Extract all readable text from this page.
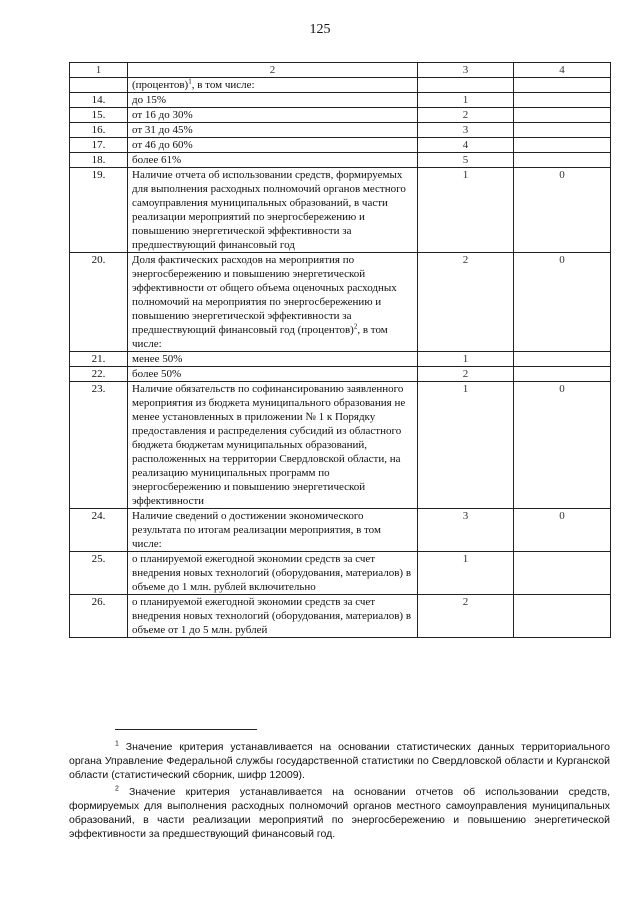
125
1	2	3	4
	(процентов)$^1$, в том числе:		
14.	до 15%	1	
15.	от 16 до 30%	2	
16.	от 31 до 45%	3	
17.	от 46 до 60%	4	
18.	более 61%	5	
19.	Наличие отчета об использовании средств, формируемых для выполнения расходных полномочий органов местного самоуправления муниципальных образований, в части реализации мероприятий по энергосбережению и повышению энергетической эффективности за предшествующий финансовый год	1	0
20.	Доля фактических расходов на мероприятия по энергосбережению и повышению энергетической эффективности от общего объема оценочных расходных полномочий на мероприятия по энергосбережению и повышению энергетической эффективности за предшествующий финансовый год (процентов)$^2$, в том числе:	2	0
21.	менее 50%	1	
22.	более 50%	2	
23.	Наличие обязательств по софинансированию заявленного мероприятия из бюджета муниципального образования не менее установленных в приложении № 1 к Порядку предоставления и распределения субсидий из областного бюджета бюджетам муниципальных образований, расположенных на территории Свердловской области, на реализацию муниципальных программ по энергосбережению и повышению энергетической эффективности	1	0
24.	Наличие сведений о достижении экономического результата по итогам реализации мероприятия, в том числе:	3	0
25.	о планируемой ежегодной экономии средств за счет внедрения новых технологий (оборудования, материалов) в объеме до 1 млн. рублей включительно	1	
26.	о планируемой ежегодной экономии средств за счет внедрения новых технологий (оборудования, материалов) в объеме от 1 до 5 млн. рублей	2	

$^1$ Значение критерия устанавливается на основании статистических данных территориального органа Управление Федеральной службы государственной статистики по Свердловской области и Курганской области (статистический сборник, шифр 12009).

$^2$ Значение критерия устанавливается на основании отчетов об использовании средств, формируемых для выполнения расходных полномочий органов местного самоуправления муниципальных образований, в части реализации мероприятий по энергосбережению и повышению энергетической эффективности за предшествующий финансовый год.
